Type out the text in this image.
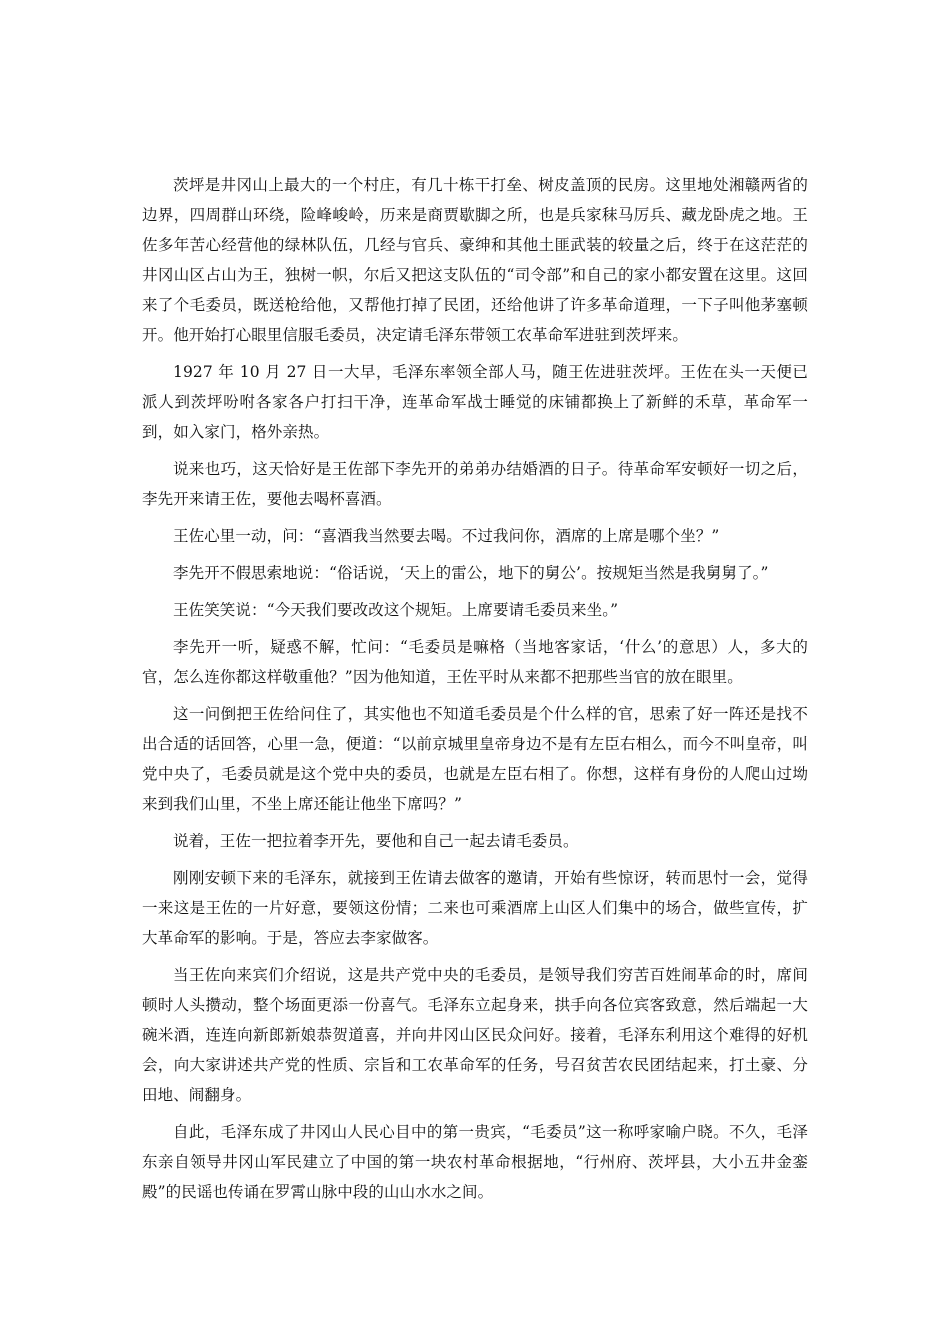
茨坪是井冈山上最大的一个村庄，有几十栋干打垒、树皮盖顶的民房。这里地处湘赣两省的边界，四周群山环绕，险峰峻岭，历来是商贾歇脚之所，也是兵家秣马厉兵、藏龙卧虎之地。王佐多年苦心经营他的绿林队伍，几经与官兵、豪绅和其他土匪武装的较量之后，终于在这茫茫的井冈山区占山为王，独树一帜，尔后又把这支队伍的“司令部”和自己的家小都安置在这里。这回来了个毛委员，既送枪给他，又帮他打掉了民团，还给他讲了许多革命道理，一下子叫他茅塞顿开。他开始打心眼里信服毛委员，决定请毛泽东带领工农革命军进驻到茨坪来。

1927 年 10 月 27 日一大早，毛泽东率领全部人马，随王佐进驻茨坪。王佐在头一天便已派人到茨坪吩咐各家各户打扫干净，连革命军战士睡觉的床铺都换上了新鲜的禾草，革命军一到，如入家门，格外亲热。

说来也巧，这天恰好是王佐部下李先开的弟弟办结婚酒的日子。待革命军安顿好一切之后，李先开来请王佐，要他去喝杯喜酒。

王佐心里一动，问：“喜酒我当然要去喝。不过我问你，酒席的上席是哪个坐？”

李先开不假思索地说：“俗话说，‘天上的雷公，地下的舅公’。按规矩当然是我舅舅了。”

王佐笑笑说：“今天我们要改改这个规矩。上席要请毛委员来坐。”

李先开一听，疑惑不解，忙问：“毛委员是嘛格（当地客家话，‘什么’的意思）人，多大的官，怎么连你都这样敬重他？”因为他知道，王佐平时从来都不把那些当官的放在眼里。

这一问倒把王佐给问住了，其实他也不知道毛委员是个什么样的官，思索了好一阵还是找不出合适的话回答，心里一急，便道：“以前京城里皇帝身边不是有左臣右相么，而今不叫皇帝，叫党中央了，毛委员就是这个党中央的委员，也就是左臣右相了。你想，这样有身份的人爬山过坳来到我们山里，不坐上席还能让他坐下席吗？”

说着，王佐一把拉着李开先，要他和自己一起去请毛委员。

刚刚安顿下来的毛泽东，就接到王佐请去做客的邀请，开始有些惊讶，转而思忖一会，觉得一来这是王佐的一片好意，要领这份情；二来也可乘酒席上山区人们集中的场合，做些宣传，扩大革命军的影响。于是，答应去李家做客。

当王佐向来宾们介绍说，这是共产党中央的毛委员，是领导我们穷苦百姓闹革命的时，席间顿时人头攒动，整个场面更添一份喜气。毛泽东立起身来，拱手向各位宾客致意，然后端起一大碗米酒，连连向新郎新娘恭贺道喜，并向井冈山区民众问好。接着，毛泽东利用这个难得的好机会，向大家讲述共产党的性质、宗旨和工农革命军的任务，号召贫苦农民团结起来，打土豪、分田地、闹翻身。

自此，毛泽东成了井冈山人民心目中的第一贵宾，“毛委员”这一称呼家喻户晓。不久，毛泽东亲自领导井冈山军民建立了中国的第一块农村革命根据地，“行州府、茨坪县，大小五井金銮殿”的民谣也传诵在罗霄山脉中段的山山水水之间。
